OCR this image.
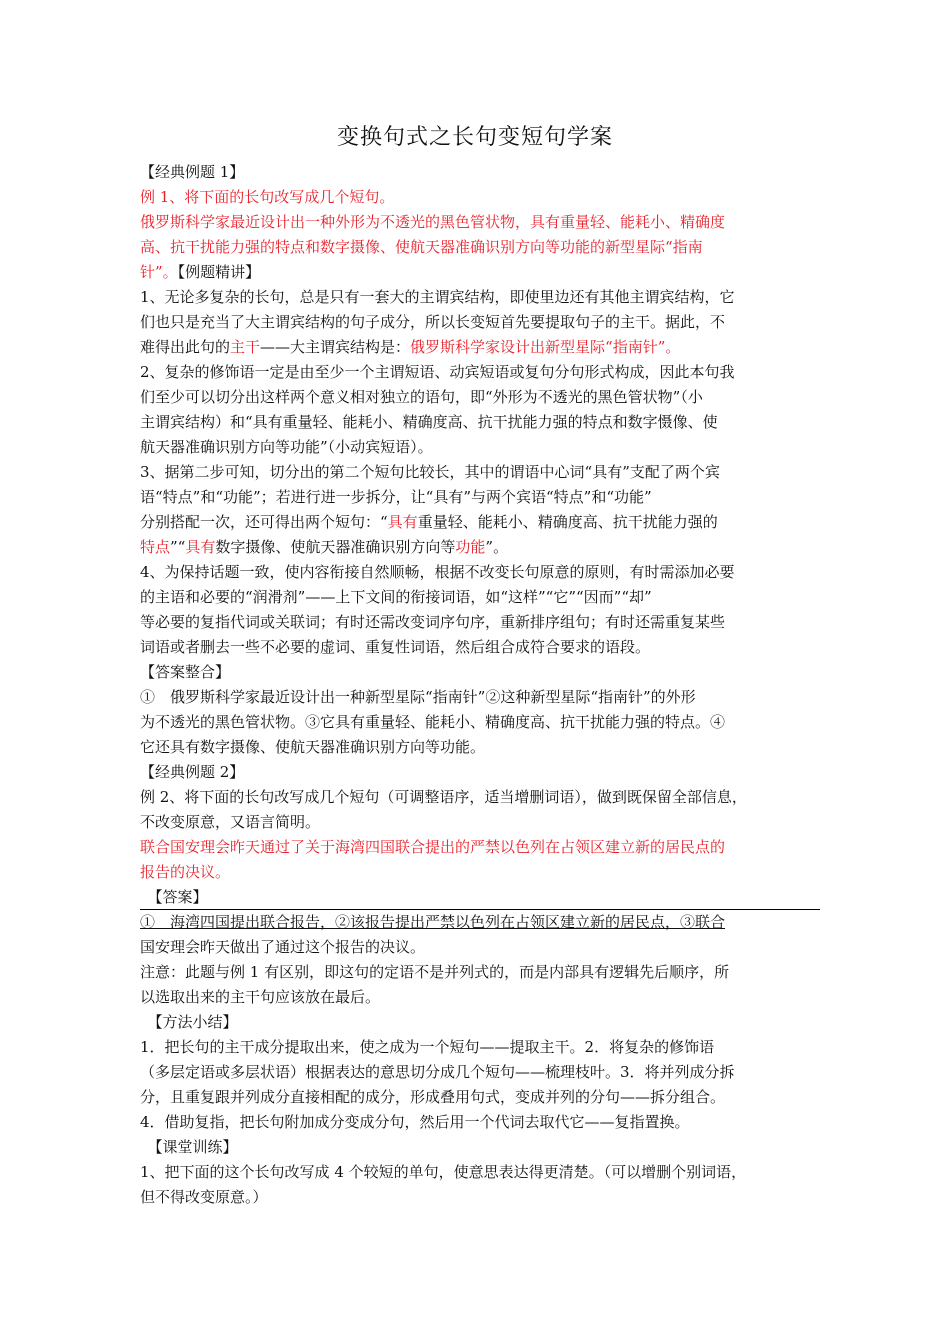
变换句式之长句变短句学案
【经典例题 1】
例 1、将下面的长句改写成几个短句。
俄罗斯科学家最近设计出一种外形为不透光的黑色管状物，具有重量轻、能耗小、精确度
高、抗干扰能力强的特点和数字摄像、使航天器准确识别方向等功能的新型星际“指南
针”。【例题精讲】
1、无论多复杂的长句，总是只有一套大的主谓宾结构，即使里边还有其他主谓宾结构，它
们也只是充当了大主谓宾结构的句子成分，所以长变短首先要提取句子的主干。据此，不
难得出此句的主干——大主谓宾结构是：俄罗斯科学家设计出新型星际“指南针”。
2、复杂的修饰语一定是由至少一个主谓短语、动宾短语或复句分句形式构成，因此本句我
们至少可以切分出这样两个意义相对独立的语句，即“外形为不透光的黑色管状物”（小
主谓宾结构）和“具有重量轻、能耗小、精确度高、抗干扰能力强的特点和数字慑像、使
航天器准确识别方向等功能”（小动宾短语）。
3、据第二步可知，切分出的第二个短句比较长，其中的谓语中心词“具有”支配了两个宾
语“特点”和“功能”；若进行进一步拆分，让“具有”与两个宾语“特点”和“功能”
分别搭配一次，还可得出两个短句：“具有重量轻、能耗小、精确度高、抗干扰能力强的
特点”“具有数字摄像、使航天器准确识别方向等功能”。
4、为保持话题一致，使内容衔接自然顺畅，根据不改变长句原意的原则，有时需添加必要
的主语和必要的“润滑剂”——上下文间的衔接词语，如“这样”“它”“因而”“却”
等必要的复指代词或关联词；有时还需改变词序句序，重新排序组句；有时还需重复某些
词语或者删去一些不必要的虚词、重复性词语，然后组合成符合要求的语段。
【答案整合】
①　俄罗斯科学家最近设计出一种新型星际“指南针”②这种新型星际“指南针”的外形
为不透光的黑色管状物。③它具有重量轻、能耗小、精确度高、抗干扰能力强的特点。④
它还具有数字摄像、使航天器准确识别方向等功能。
【经典例题 2】
例 2、将下面的长句改写成几个短句（可调整语序，适当增删词语），做到既保留全部信息，
不改变原意，又语言简明。
联合国安理会昨天通过了关于海湾四国联合提出的严禁以色列在占领区建立新的居民点的
报告的决议。
　【答案】
①　海湾四国提出联合报告，②该报告提出严禁以色列在占领区建立新的居民点，③联合
国安理会昨天做出了通过这个报告的决议。
注意：此题与例 1 有区别，即这句的定语不是并列式的，而是内部具有逻辑先后顺序，所
以选取出来的主干句应该放在最后。
　【方法小结】
1．把长句的主干成分提取出来，使之成为一个短句——提取主干。2．将复杂的修饰语
（多层定语或多层状语）根据表达的意思切分成几个短句——梳理枝叶。3．将并列成分拆
分，且重复跟并列成分直接相配的成分，形成叠用句式，变成并列的分句——拆分组合。
4．借助复指，把长句附加成分变成分句，然后用一个代词去取代它——复指置换。
　【课堂训练】
1、把下面的这个长句改写成 4 个较短的单句，使意思表达得更清楚。（可以增删个别词语，
但不得改变原意。）
